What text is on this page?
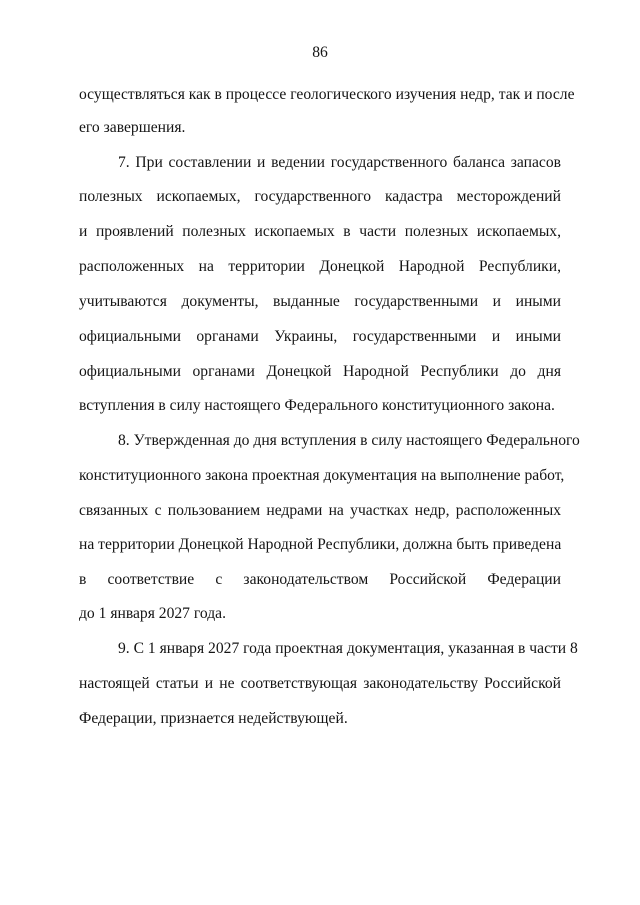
86
осуществляться как в процессе геологического изучения недр, так и после
его завершения.
7. При составлении и ведении государственного баланса запасов
полезных ископаемых, государственного кадастра месторождений
и проявлений полезных ископаемых в части полезных ископаемых,
расположенных на территории Донецкой Народной Республики,
учитываются документы, выданные государственными и иными
официальными органами Украины, государственными и иными
официальными органами Донецкой Народной Республики до дня
вступления в силу настоящего Федерального конституционного закона.
8. Утвержденная до дня вступления в силу настоящего Федерального
конституционного закона проектная документация на выполнение работ,
связанных с пользованием недрами на участках недр, расположенных
на территории Донецкой Народной Республики, должна быть приведена
в соответствие с законодательством Российской Федерации
до 1 января 2027 года.
9. С 1 января 2027 года проектная документация, указанная в части 8
настоящей статьи и не соответствующая законодательству Российской
Федерации, признается недействующей.
